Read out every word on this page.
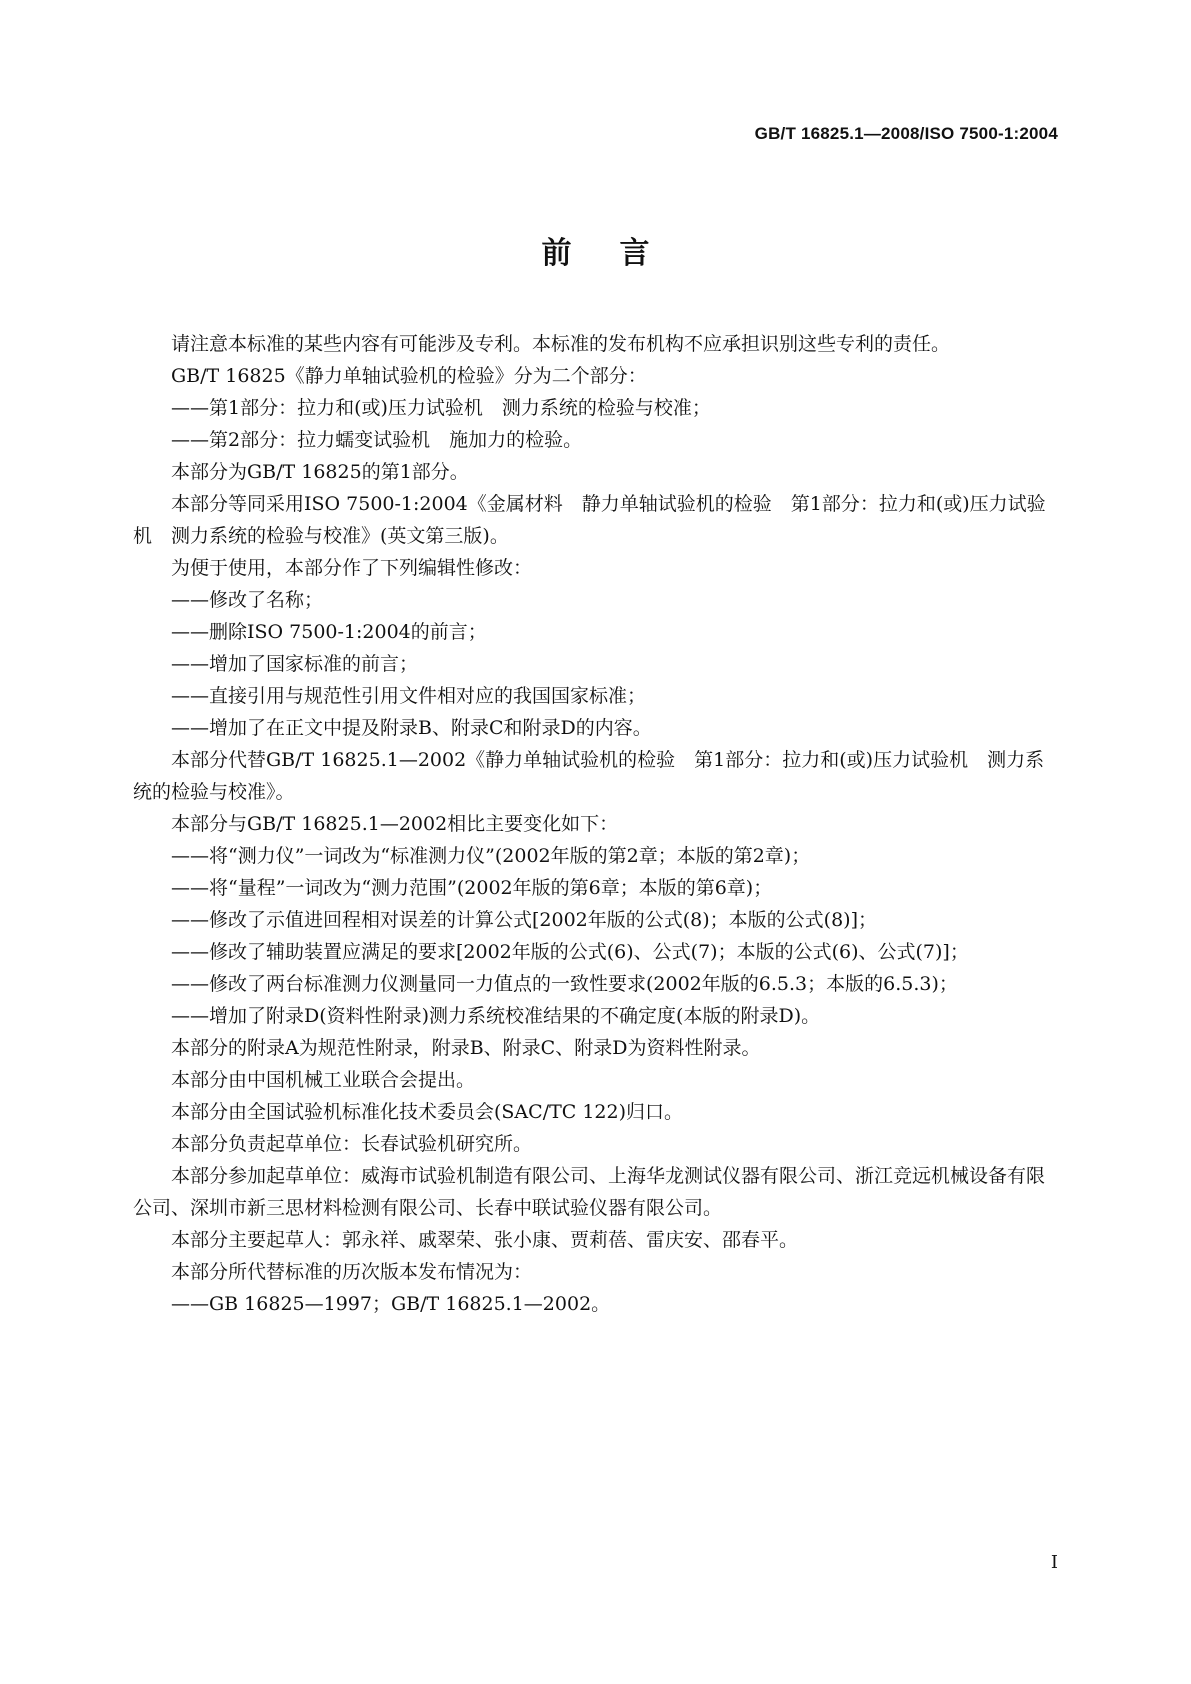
GB/T 16825.1—2008/ISO 7500-1:2004
前言

请注意本标准的某些内容有可能涉及专利。本标准的发布机构不应承担识别这些专利的责任。

GB/T 16825《静力单轴试验机的检验》分为二个部分：

——第1部分：拉力和(或)压力试验机　测力系统的检验与校准；

——第2部分：拉力蠕变试验机　施加力的检验。

本部分为GB/T 16825的第1部分。

本部分等同采用ISO 7500-1:2004《金属材料　静力单轴试验机的检验　第1部分：拉力和(或)压力试验机　测力系统的检验与校准》(英文第三版)。

为便于使用，本部分作了下列编辑性修改：

——修改了名称；

——删除ISO 7500-1:2004的前言；

——增加了国家标准的前言；

——直接引用与规范性引用文件相对应的我国国家标准；

——增加了在正文中提及附录B、附录C和附录D的内容。

本部分代替GB/T 16825.1—2002《静力单轴试验机的检验　第1部分：拉力和(或)压力试验机　测力系统的检验与校准》。

本部分与GB/T 16825.1—2002相比主要变化如下：

——将“测力仪”一词改为“标准测力仪”(2002年版的第2章；本版的第2章)；

——将“量程”一词改为“测力范围”(2002年版的第6章；本版的第6章)；

——修改了示值进回程相对误差的计算公式[2002年版的公式(8)；本版的公式(8)]；

——修改了辅助装置应满足的要求[2002年版的公式(6)、公式(7)；本版的公式(6)、公式(7)]；

——修改了两台标准测力仪测量同一力值点的一致性要求(2002年版的6.5.3；本版的6.5.3)；

——增加了附录D(资料性附录)测力系统校准结果的不确定度(本版的附录D)。

本部分的附录A为规范性附录，附录B、附录C、附录D为资料性附录。

本部分由中国机械工业联合会提出。

本部分由全国试验机标准化技术委员会(SAC/TC 122)归口。

本部分负责起草单位：长春试验机研究所。

本部分参加起草单位：威海市试验机制造有限公司、上海华龙测试仪器有限公司、浙江竞远机械设备有限公司、深圳市新三思材料检测有限公司、长春中联试验仪器有限公司。

本部分主要起草人：郭永祥、戚翠荣、张小康、贾莉蓓、雷庆安、邵春平。

本部分所代替标准的历次版本发布情况为：

——GB 16825—1997；GB/T 16825.1—2002。

I
